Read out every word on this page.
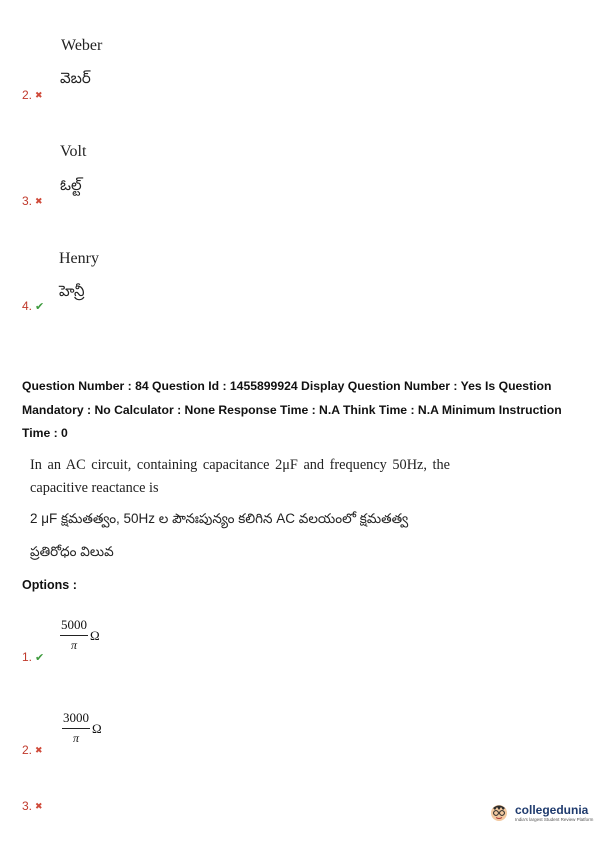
Weber
వెబర్
2. ✖
Volt
ఓల్ట్
3. ✖
Henry
హెన్రీ
4. ✔
Question Number : 84 Question Id : 1455899924 Display Question Number : Yes Is Question
Mandatory : No Calculator : None Response Time : N.A Think Time : N.A Minimum Instruction
Time : 0
In an AC circuit, containing capacitance 2μF and frequency 50Hz, the
capacitive reactance is
2 μF క్షమతత్వం, 50Hz ల పౌనఃపున్యం కలిగిన AC వలయంలో క్షమతత్వ
ప్రతిరోధం విలువ
Options :
$\frac{5000}{\pi}$ Ω
1. ✔
$\frac{3000}{\pi}$ Ω
2. ✖
3. ✖	collegedunia
India's largest Student Review Platform
